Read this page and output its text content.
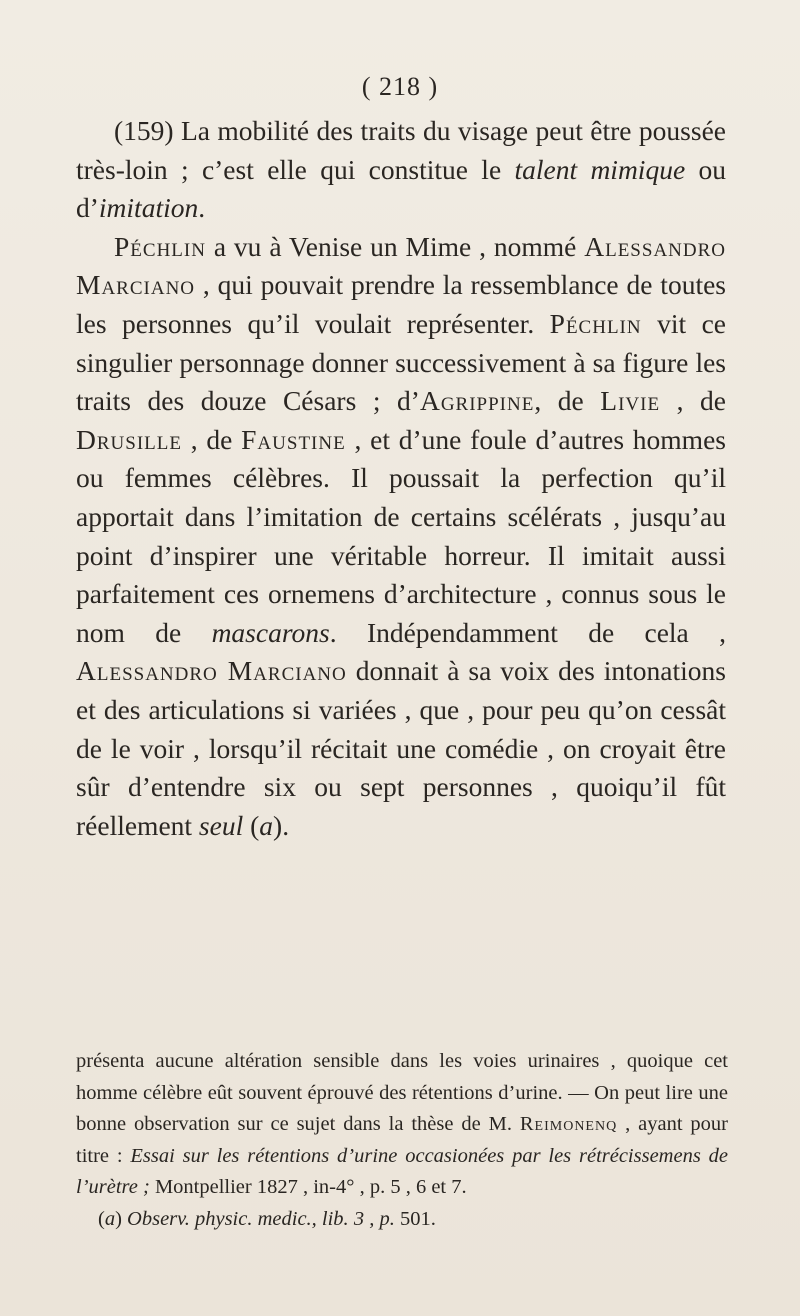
( 218 )

(159) La mobilité des traits du visage peut être poussée très-loin ; c’est elle qui constitue le talent mimique ou d’imitation.

Péchlin a vu à Venise un Mime , nommé Alessandro Marciano , qui pouvait prendre la ressemblance de toutes les personnes qu’il voulait représenter. Péchlin vit ce singulier personnage donner successivement à sa figure les traits des douze Césars ; d’Agrippine, de Livie , de Drusille , de Faustine , et d’une foule d’autres hommes ou femmes célèbres. Il poussait la perfection qu’il apportait dans l’imitation de certains scélérats , jusqu’au point d’inspirer une véritable horreur. Il imitait aussi parfaitement ces ornemens d’architecture , connus sous le nom de mascarons. Indépendamment de cela , Alessandro Marciano donnait à sa voix des intonations et des articulations si variées , que , pour peu qu’on cessât de le voir , lorsqu’il récitait une comédie , on croyait être sûr d’entendre six ou sept personnes , quoiqu’il fût réellement seul (a).

présenta aucune altération sensible dans les voies urinaires , quoique cet homme célèbre eût souvent éprouvé des rétentions d’urine. — On peut lire une bonne observation sur ce sujet dans la thèse de M. Reimonenq , ayant pour titre : Essai sur les rétentions d’urine occasionées par les rétrécissemens de l’urètre ; Montpellier 1827 , in-4° , p. 5 , 6 et 7.

(a) Observ. physic. medic., lib. 3 , p. 501.
